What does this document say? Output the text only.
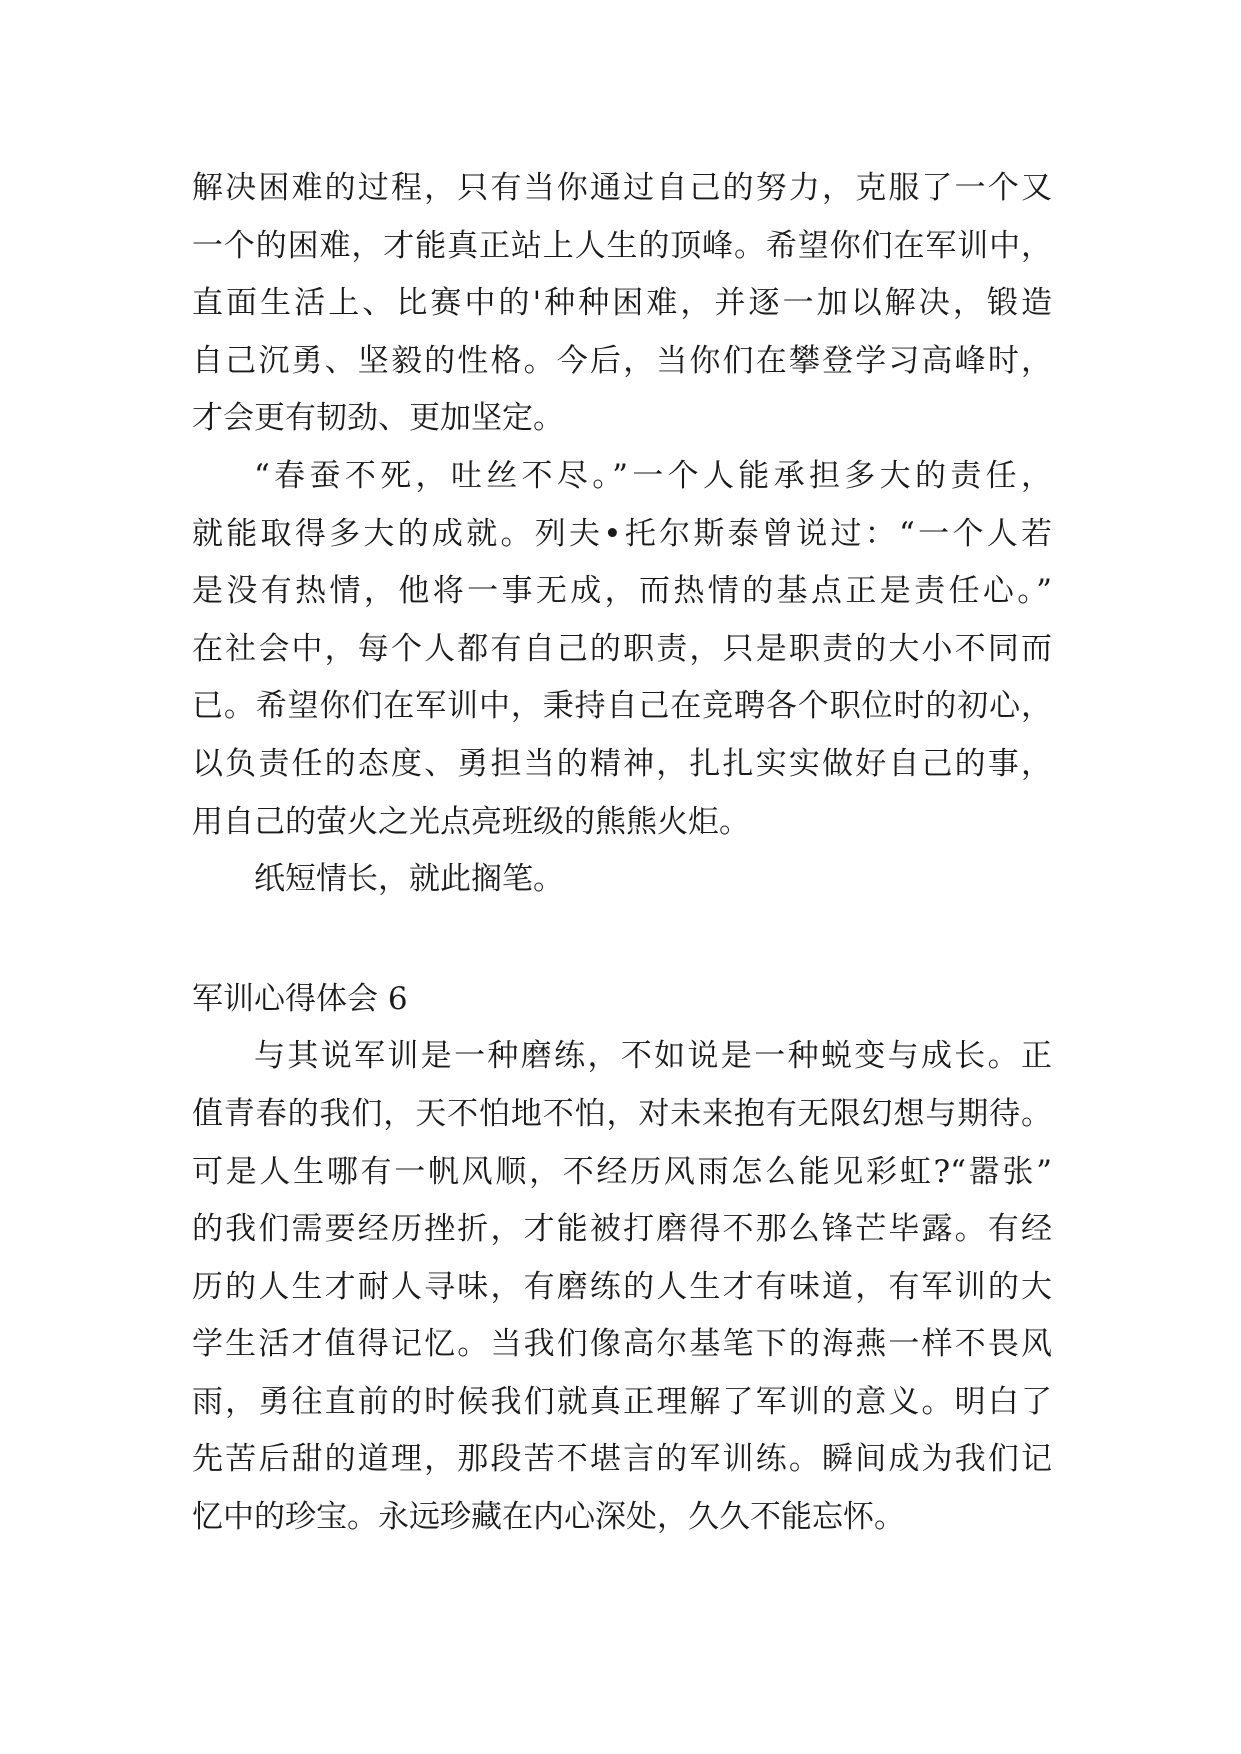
解决困难的过程，只有当你通过自己的努力，克服了一个又
一个的困难，才能真正站上人生的顶峰。希望你们在军训中，
直面生活上、比赛中的'种种困难，并逐一加以解决，锻造
自己沉勇、坚毅的性格。今后，当你们在攀登学习高峰时，
才会更有韧劲、更加坚定。
“春蚕不死，吐丝不尽。”一个人能承担多大的责任，
就能取得多大的成就。列夫•托尔斯泰曾说过：“一个人若
是没有热情，他将一事无成，而热情的基点正是责任心。”
在社会中，每个人都有自己的职责，只是职责的大小不同而
已。希望你们在军训中，秉持自己在竞聘各个职位时的初心，
以负责任的态度、勇担当的精神，扎扎实实做好自己的事，
用自己的萤火之光点亮班级的熊熊火炬。
纸短情长，就此搁笔。
军训心得体会 6
与其说军训是一种磨练，不如说是一种蜕变与成长。正
值青春的我们，天不怕地不怕，对未来抱有无限幻想与期待。
可是人生哪有一帆风顺，不经历风雨怎么能见彩虹?“嚣张”
的我们需要经历挫折，才能被打磨得不那么锋芒毕露。有经
历的人生才耐人寻味，有磨练的人生才有味道，有军训的大
学生活才值得记忆。当我们像高尔基笔下的海燕一样不畏风
雨，勇往直前的时候我们就真正理解了军训的意义。明白了
先苦后甜的道理，那段苦不堪言的军训练。瞬间成为我们记
忆中的珍宝。永远珍藏在内心深处，久久不能忘怀。
